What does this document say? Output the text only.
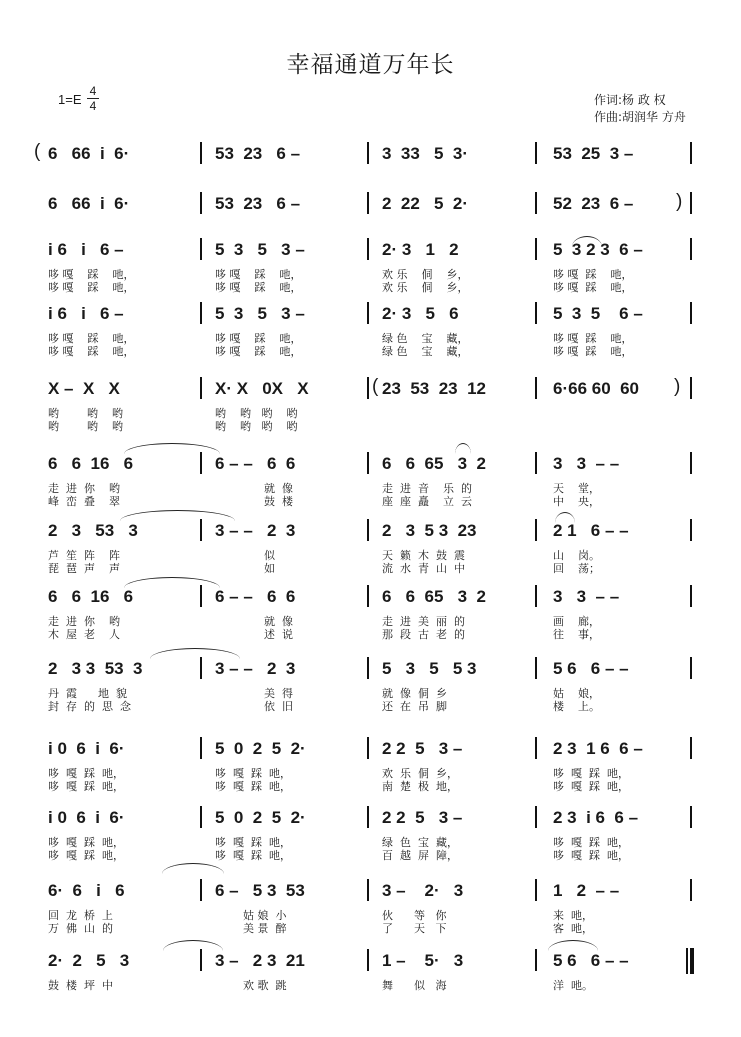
幸福通道万年长
$1=E \frac{4}{4}$	作词:杨 政 权
作曲:胡润华 方舟
6   66  i  6·	53  23   6 –	3  33   5  3·	53  25  3 –
6   66  i  6·	53  23   6 –	2  22   5  2·	52  23  6 –
i 6   i   6 –
哆 嘎    踩    吔，
哆 嘎    踩    吔，
5  3   5   3 –
哆 嘎    踩    吔，
哆 嘎    踩    吔，
2· 3   1   2
欢 乐    侗    乡，
欢 乐    侗    乡，
5  3 2 3  6 –
哆 嘎  踩    吔，
哆 嘎  踩    吔，
i 6   i   6 –
哆 嘎    踩    吔，
哆 嘎    踩    吔，
5  3   5   3 –
哆 嘎    踩    吔，
哆 嘎    踩    吔，
2· 3   5   6
绿 色    宝    藏，
绿 色    宝    藏，
5  3  5    6 –
哆 嘎  踩    吔，
哆 嘎  踩    吔，
X –  X   X
哟        哟    哟
哟        哟    哟
X· X   0X   X
哟    哟   哟    哟
哟    哟   哟    哟
23  53  23  12	6·66 60  60
6   6  16   6
走  进  你    哟
峰  峦  叠    翠
6 – –   6  6
就  像
鼓  楼
6   6  65   3  2
走  进  音    乐  的
座  座  矗    立  云
3   3  – –
天    堂，
中    央，
2   3   53   3
芦  笙  阵    阵
琵  琶  声    声
3 – –   2  3
似
如
2   3  5 3  23
天  籁  木  鼓  震
流  水  青  山  中
2 1   6 – –
山    岗。
回    荡；
6   6  16   6
走  进  你    哟
木  屋  老    人
6 – –   6  6
就  像
述  说
6   6  65   3  2
走  进  美  丽  的
那  段  古  老  的
3   3  – –
画    廊，
往    事，
2   3 3  53  3
丹  霞      地  貌
封  存  的  思  念
3 – –   2  3
美  得
依  旧
5   3   5   5 3
就  像  侗  乡
还  在  吊  脚
5 6   6 – –
姑    娘，
楼    上。
i 0  6  i  6·
哆  嘎  踩  吔，
哆  嘎  踩  吔，
5  0  2  5  2·
哆  嘎  踩  吔，
哆  嘎  踩  吔，
2 2  5   3 –
欢  乐  侗  乡，
南  楚  极  地，
2 3  1 6  6 –
哆  嘎  踩  吔，
哆  嘎  踩  吔，
i 0  6  i  6·
哆  嘎  踩  吔，
哆  嘎  踩  吔，
5  0  2  5  2·
哆  嘎  踩  吔，
哆  嘎  踩  吔，
2 2  5   3 –
绿  色  宝  藏，
百  越  屏  障，
2 3  i 6  6 –
哆  嘎  踩  吔，
哆  嘎  踩  吔，
6·  6   i   6
回  龙  桥  上
万  佛  山  的
6 –   5 3  53
姑 娘  小
美 景  醉
3 –    2·   3
伙      等   你
了      天   下
1   2  – –
来  吔，
客  吔，
2·  2   5   3
鼓  楼  坪  中
3 –   2 3  21
欢 歌  跳
1 –    5·   3
舞      似   海
5 6   6 – –
洋  吔。
(
)
(	)
